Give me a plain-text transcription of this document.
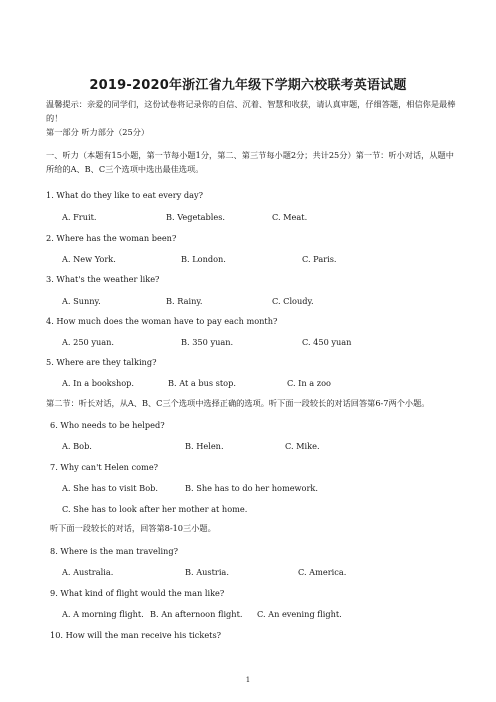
2019-2020年浙江省九年级下学期六校联考英语试题
温馨提示：亲爱的同学们，这份试卷将记录你的自信、沉着、智慧和收获，请认真审题，仔细答题，相信你是最棒的！
第一部分 听力部分（25分）
一、听力（本题有15小题，第一节每小题1分，第二、第三节每小题2分；共计25分）第一节：听小对话，从题中所给的A、B、C三个选项中选出最佳选项。
1. What do they like to eat every day?
A. Fruit.	B. Vegetables.	C. Meat.
2. Where has the woman been?
A. New York.	B. London.	C. Paris.
3. What's the weather like?
A. Sunny.	B. Rainy.	C. Cloudy.
4. How much does the woman have to pay each month?
A. 250 yuan.	B. 350 yuan.	C. 450 yuan
5. Where are they talking?
A. In a bookshop.	B. At a bus stop.	C. In a zoo
第二节：听长对话，从A、B、C三个选项中选择正确的选项。听下面一段较长的对话回答第6-7两个小题。
6. Who needs to be helped?
A. Bob.	B. Helen.	C. Mike.
7. Why can't Helen come?
A. She has to visit Bob.	B. She has to do her homework.
C. She has to look after her mother at home.
听下面一段较长的对话，回答第8-10三小题。
8. Where is the man traveling?
A. Australia.	B. Austria.	C. America.
9. What kind of flight would the man like?
A. A morning flight. B. An afternoon flight. C. An evening flight.
10. How will the man receive his tickets?
1
